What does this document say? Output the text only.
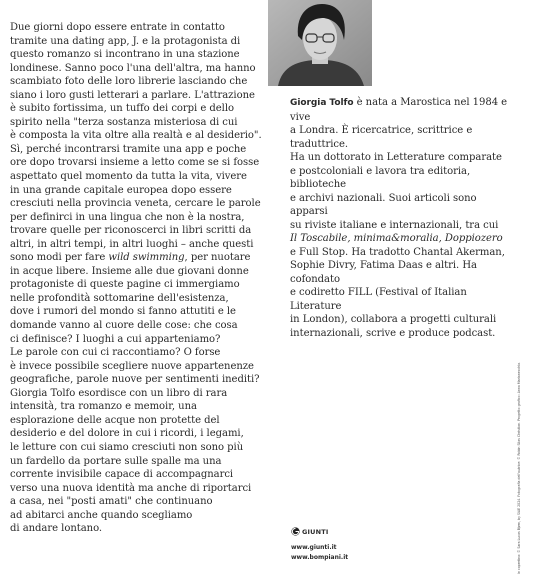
Due giorni dopo essere entrate in contatto

tramite una dating app, J. e la protagonista di

questo romanzo si incontrano in una stazione

londinese. Sanno poco l'una dell'altra, ma hanno

scambiato foto delle loro librerie lasciando che

siano i loro gusti letterari a parlare. L'attrazione

è subito fortissima, un tuffo dei corpi e dello

spirito nella "terza sostanza misteriosa di cui

è composta la vita oltre alla realtà e al desiderio".

Sì, perché incontrarsi tramite una app e poche

ore dopo trovarsi insieme a letto come se si fosse

aspettato quel momento da tutta la vita, vivere

in una grande capitale europea dopo essere

cresciuti nella provincia veneta, cercare le parole

per definirci in una lingua che non è la nostra,

trovare quelle per riconoscerci in libri scritti da

altri, in altri tempi, in altri luoghi – anche questi

sono modi per fare wild swimming, per nuotare

in acque libere. Insieme alle due giovani donne

protagoniste di queste pagine ci immergiamo

nelle profondità sottomarine dell'esistenza,

dove i rumori del mondo si fanno attutiti e le

domande vanno al cuore delle cose: che cosa

ci definisce? I luoghi a cui apparteniamo?

Le parole con cui ci raccontiamo? O forse

è invece possibile scegliere nuove appartenenze

geografiche, parole nuove per sentimenti inediti?

Giorgia Tolfo esordisce con un libro di rara

intensità, tra romanzo e memoir, una

esplorazione delle acque non protette del

desiderio e del dolore in cui i ricordi, i legami,

le letture con cui siamo cresciuti non sono più

un fardello da portare sulle spalle ma una

corrente invisibile capace di accompagnarci

verso una nuova identità ma anche di riportarci

a casa, nei "posti amati" che continuano

ad abitarci anche quando scegliamo

di andare lontano.

Giorgia Tolfo è nata a Marostica nel 1984 e vive

a Londra. È ricercatrice, scrittrice e traduttrice.

Ha un dottorato in Letterature comparate

e postcoloniali e lavora tra editoria, biblioteche

e archivi nazionali. Suoi articoli sono apparsi

su riviste italiane e internazionali, tra cui

Il Toscabile, minima&moralia, Doppiozero

e Full Stop. Ha tradotto Chantal Akerman,

Sophie Divry, Fatima Daas e altri. Ha cofondato

e codiretto FILL (Festival of Italian Literature

in London), collabora a progetti culturali

internazionali, scrive e produce podcast.

GIUNTI
www.giunti.it
www.bompiani.it	In copertina: © Sara Lucas Bjørn, by SIAE 2024. Fotografia dell'autrice: © Robin Silas Christian. Progetto grafico: Anna Marianecchia.
